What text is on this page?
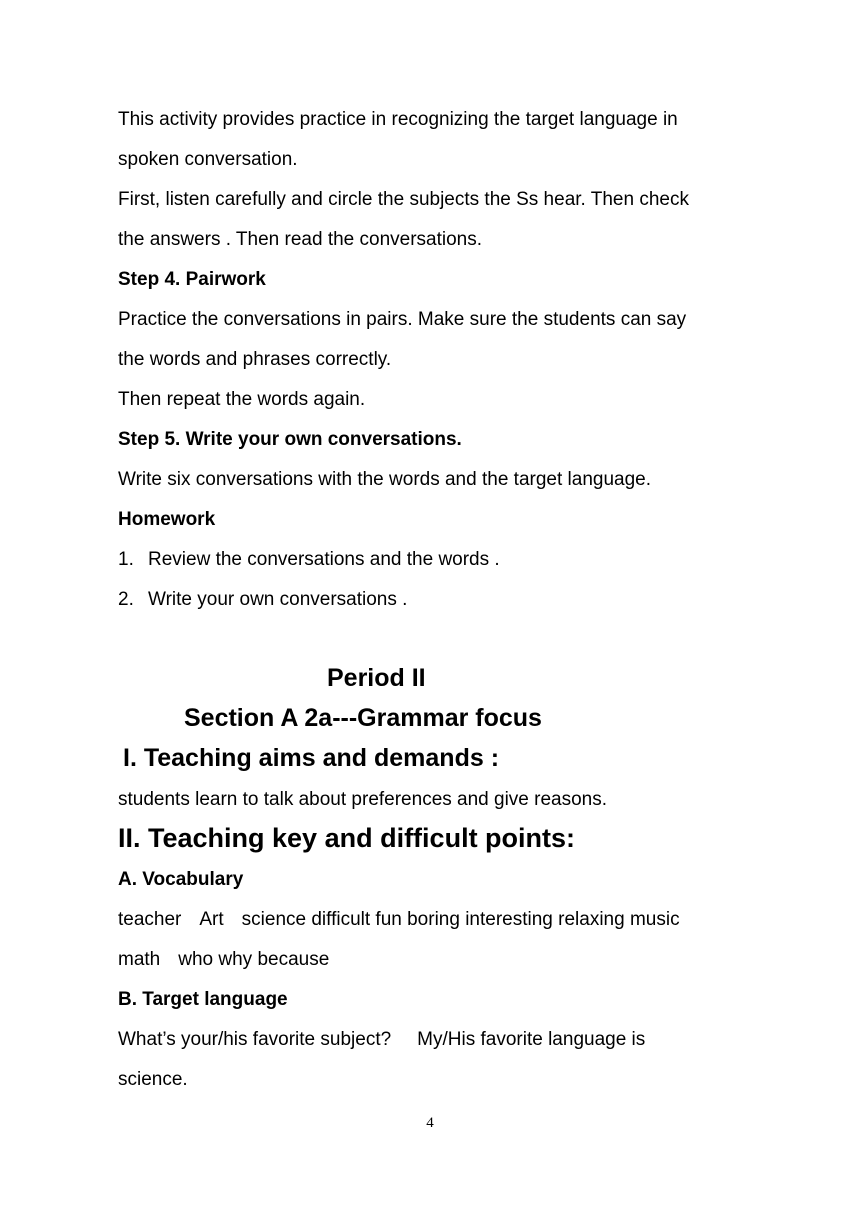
This activity provides practice in recognizing the target language in
spoken conversation.
First, listen carefully and circle the subjects the Ss hear. Then check
the answers . Then read the conversations.
Step 4. Pairwork
Practice the conversations in pairs. Make sure the students can say
the words and phrases correctly.
Then repeat the words again.
Step 5. Write your own conversations.
Write six conversations with the words and the target language.
Homework
1. Review the conversations and the words .
2. Write your own conversations .
Period II
Section A 2a---Grammar focus
I. Teaching aims and demands :
students learn to talk about preferences and give reasons.
II. Teaching key and difficult points:
A. Vocabulary
teacher Art science difficult fun boring interesting relaxing music
math who why because
B. Target language
What’s your/his favorite subject? My/His favorite language is
science.
4
